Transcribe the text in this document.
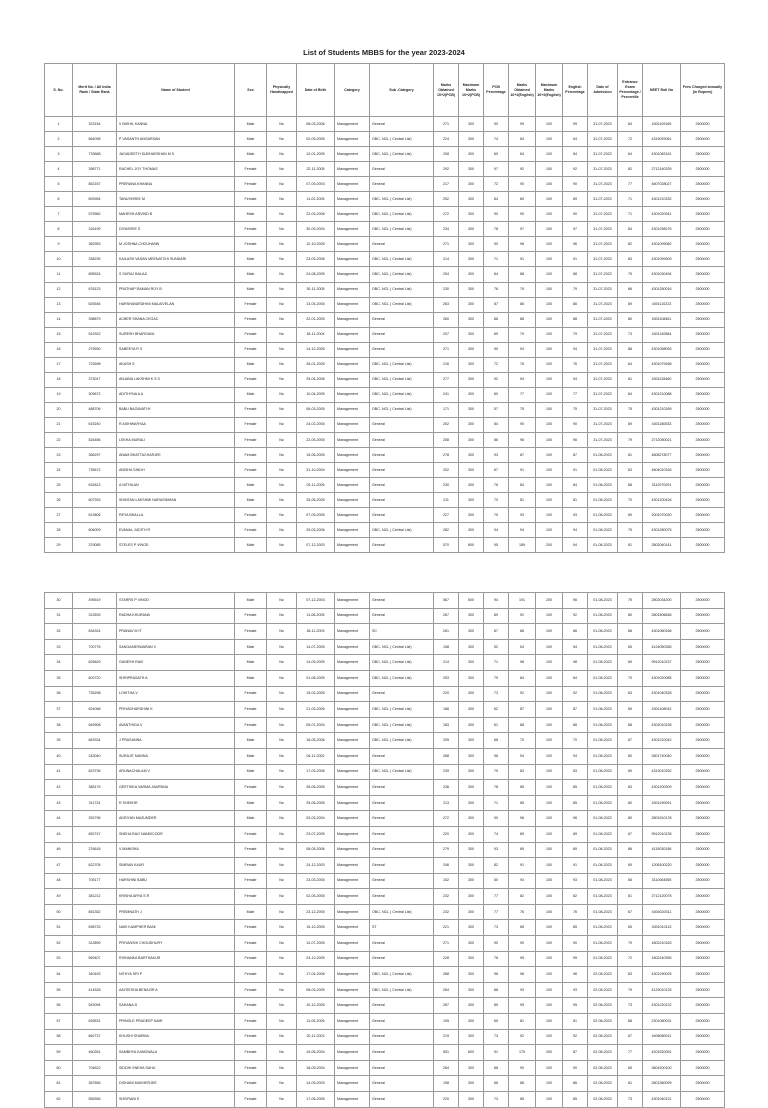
List of Students MBBS for the year 2023-2024
S. No.	Merit No. / All India Rank / State Rank	Name of Student	Sex	Physically Handicapped	Date of Birth	Category	Sub -Category	Marks Obtained 10+2(PCB)	Maximum Marks 10+2(PCB)	PCB Percentage	Marks Obtained 10+2(English)	Maximum Marks 10+2(English)	English Percentage	Date of Admission	Entrance Exam Percentage / Percentile	NEET Roll No	Fees Charged annually (In Rupees)
1	323154	V NIKHIL KANNA	Male	No	08-03-2006	Management	General	271	300	90	99	100	99	31-07-2023	84	4301109165	2500000
2	664098	P VASANTH ANGARSAN	Male	No	02-09-2005	Management	OBC- NCL ( Central List)	224	300	74	64	100	64	31-07-2023	72	4315093061	2500000
3	733668	JAGADEETH SUDHARSHAN M S	Male	No	12-01-2005	Management	OBC- NCL ( Central List)	208	300	69	84	100	84	31-07-2023	64	4301083161	2500000
4	398771	RACHEL JOY THOMAS	Female	No	22-11-2005	Management	General	292	300	97	92	100	92	31-07-2023	82	2712140339	2500000
5	852167	PRERANA KHANNA	Female	No	07-09-2003	Management	General	217	300	72	90	100	90	31-07-2023	77	4607028027	2500000
6	893954	TANUSHREE M	Female	No	11-02-2005	Management	OBC- NCL ( Central List)	252	300	84	89	100	89	31-07-2023	71	4301210332	2500000
7	579982	MAHESH ARVIND B	Male	No	22-03-2006	Management	OBC- NCL ( Central List)	272	300	90	90	100	90	31-07-2023	71	4301020941	2500000
8	316199	DIYASREE S	Female	No	30-09-2004	Management	OBC- NCL ( Central List)	234	300	78	97	100	97	31-07-2023	84	4301298276	2500000
9	362953	M JOSHNA CHOUHANN	Female	No	12-10-2005	Management	General	271	300	90	96	100	96	31-07-2023	82	4301099082	2500000
10	338235	KAILASH VASAN MEENATCHI SUNDARI	Male	No	23-03-2006	Management	OBC- NCL ( Central List)	214	300	71	91	100	91	31-07-2023	83	4301099309	2500000
11	895524	S SURAJ BALAJI	Male	No	24-08-2005	Management	OBC- NCL ( Central List)	254	300	84	88	100	88	31-07-2023	75	4301030494	2500000
12	676123	PRATHAP RAMAN ROY B	Male	No	30-11-2005	Management	OBC- NCL ( Central List)	230	300	76	79	100	79	31-07-2023	66	4301250016	2500000
13	625546	HARSHAVARDHINI MALAIVELAN	Female	No	13-04-2005	Management	OBC- NCL ( Central List)	263	300	87	86	100	86	31-07-2023	69	4301110223	2500000
14	398879	ACBER SHANA CEGAC	Female	No	22-01-2005	Management	General	260	300	86	88	100	88	31-07-2023	80	4301108461	2500000
15	512922	SURESH BHARGAVA	Female	No	18-11-2004	Management	General	207	300	69	79	100	79	31-07-2023	73	4301140584	2500000
16	279930	SABEEYA R S	Female	No	14-12-2005	Management	General	271	300	90	94	100	94	31-07-2023	86	4301058053	2500000
17	722698	AKASH S	Male	No	26-01-2005	Management	OBC- NCL ( Central List)	216	300	72	76	100	76	31-07-2023	64	4301079268	2500000
18	373017	ANJANA LAKSHMI K S S	Female	No	25-04-2006	Management	OBC- NCL ( Central List)	277	300	92	94	100	94	31-07-2023	81	4301128460	2500000
19	309672	ADITHYNA A A	Male	No	10-04-2005	Management	OBC- NCL ( Central List)	241	300	80	77	100	77	31-07-2023	84	4301210088	2500000
20	488706	BABU BAGAVATHY	Female	No	06-03-2005	Management	OBC- NCL ( Central List)	171	300	57	75	100	75	31-07-2023	75	4301210289	2500000
21	615240	R AISHWARYAA	Female	No	24-02-2005	Management	General	252	300	84	90	100	90	31-07-2023	69	4301180533	2500000
22	524486	LEKHA MURALI	Female	No	22-05-2005	Management	General	258	300	86	96	100	96	31-07-2023	79	2712050021	2500000
23	366297	ANAM BHATTACHARJEE	Female	No	15-06-2005	Management	General	278	300	93	87	100	87	01-08-2023	81	4608278077	2500000
24	735672	ANISHA SINGH	Female	No	31-10-2004	Management	General	202	300	67	91	100	91	01-08-2023	63	4604010326	2500000
25	632813	A NITHILAN	Male	No	03-11-2005	Management	General	230	300	76	84	100	84	01-08-2023	68	3112070291	2500000
26	607263	SHINTAN LAKSHMI NARASIMHAN	Male	No	25-06-2005	Management	General	211	300	70	81	100	81	01-08-2023	70	4301200426	2500000
27	613806	REYA BHALLA	Female	No	07-09-2005	Management	General	227	300	75	93	100	93	01-08-2023	69	2001070020	2500000
28	606009	EVANAL JUDITH R	Female	No	29-03-2006	Management	OBC- NCL ( Central List)	282	300	94	94	100	94	01-08-2023	75	4301280075	2500000
29	379085	STELES P VINOD	Male	No	07-12-2003	Management	General	570	600	95	189	200	94	01-08-2023	81	2802040141	2500000
30	495519	STARRS P VINOD	Male	No	07-12-2003	Management	General	567	600	94	191	200	96	01-08-2023	75	2802034200	2500000
31	313539	RADHA KHURANA	Female	No	11-08-2005	Management	General	267	300	89	92	100	92	01-08-2023	80	2801506646	2500000
32	634324	PRANAV M IT	Female	No	18-11-2003	Management	SC	261	300	87	86	100	86	01-08-2023	68	4301080166	2500000
33	700776	SANGAMESWARAN V	Male	No	14-07-2005	Management	OBC- NCL ( Central List)	158	300	52	54	100	54	01-08-2023	65	4124050355	2500000
34	625829	GANESH RAVI	Male	No	14-09-2005	Management	OBC- NCL ( Central List)	214	300	71	98	100	98	01-08-2023	69	9912010237	2500000
35	602720	SHRIPRASATH A	Male	No	01-08-2005	Management	OBC- NCL ( Central List)	253	300	79	84	100	84	01-08-2023	70	4301020085	2500000
36	735298	LOHITHA V	Female	No	15-02-2005	Management	General	220	300	73	92	100	92	01-08-2023	63	4301040328	2500000
37	624068	PRIYADHARSHINI K	Female	No	21-03-2006	Management	OBC- NCL ( Central List)	186	300	62	87	100	87	01-08-2023	69	4301108043	2500000
38	649908	AVANTHIGA V	Female	No	05-07-2004	Management	OBC- NCL ( Central List)	183	300	61	88	100	88	01-08-2023	68	4302010228	2500000
39	663334	J PRASANNA	Male	No	16-05-2006	Management	OBC- NCL ( Central List)	205	300	68	70	100	70	01-08-2023	67	4301210042	2500000
40	243040	SURAJIT MANNA	Male	No	04-11-2002	Management	General	288	300	96	94	100	94	01-08-2023	80	2801740040	2500000
41	623736	ARUNACHALAM V	Male	No	17-03-2006	Management	OBC- NCL ( Central List)	239	300	79	83	100	83	01-08-2023	69	4313010252	2500000
42	385175	GEETHIKA VARMA JAMPANA	Female	No	26-06-2005	Management	General	236	300	78	85	100	85	01-08-2023	83	4301200309	2500000
43	311724	R SHEKHR	Male	No	25-06-2005	Management	General	213	300	71	85	100	85	01-08-2023	80	4301190091	2500000
44	392796	ADRIYAN MAZUMDER	Male	No	03-03-2004	Management	General	272	300	90	96	100	96	01-08-2023	80	2801510178	2500000
45	652747	SNEHA RAO NANDICODR	Female	No	23-07-2005	Management	General	220	300	74	89	100	89	01-08-2023	67	9912010135	2500000
46	276618	V MANISHA	Female	No	08-05-2006	Management	General	279	300	93	89	100	89	01-08-2023	86	4115030156	2500000
47	622705	SIMRAN KAUR	Female	No	24-12-2003	Management	General	246	300	82	91	100	91	01-08-2023	69	1206100220	2500000
48	705177	HARSHINI BABU	Female	No	23-03-2005	Management	General	152	300	50	93	100	93	01-08-2023	65	3110064555	2500000
49	381212	KRISHA ARYA S R	Female	No	02-05-2005	Management	General	232	300	77	82	100	82	01-08-2023	81	2712120078	2500000
50	651352	PREMNATH J	Male	No	23-12-2005	Management	OBC- NCL ( Central List)	232	300	77	76	100	76	01-08-2023	67	4304020311	2500000
51	698733	NAKI KAMPHER BANI	Female	No	15-12-2005	Management	ST	221	300	73	85	100	85	01-08-2023	65	3301010113	2500000
52	313899	PRIYANSHI CHOUDHURY	Female	No	12-07-2005	Management	General	271	300	90	90	100	90	01-08-2023	79	1802210163	2500000
53	569407	RISHANKA BARTHAKUR	Female	No	24-12-2005	Management	General	228	300	76	95	100	95	01-08-2023	72	1802140355	2500000
54	340493	NITHYA SRI P	Female	No	17-04-2006	Management	OBC- NCL ( Central List)	288	300	96	96	100	96	02-08-2023	83	4301290025	2500000
55	414528	AAYSESHA BENAZIR A	Female	No	08-03-2005	Management	OBC- NCL ( Central List)	264	300	88	93	100	93	02-08-2023	79	4129010125	2500000
56	543094	SAHANA D	Female	No	10-12-2005	Management	General	267	300	89	95	100	95	02-08-2023	73	4301220122	2500000
57	639531	PRINGLE PRADEEP NAIR	Female	No	11-05-2005	Management	General	195	300	65	81	100	81	02-08-2023	68	2301080031	2500000
58	662737	KHUSHI SHARMA	Female	No	20-11-2003	Management	General	219	300	73	92	100	92	02-08-2023	67	4408080011	2500000
59	460261	SAMBHYA KANDWALA	Female	No	19-06-2004	Management	General	551	600	91	175	200	87	02-08-2023	77	4201520051	2500000
60	704622	SIDDHI SNEHA SAHU	Female	No	18-09-2004	Management	General	264	300	88	90	100	90	02-08-2023	65	3604200100	2500000
61	367856	DISHANI MUKHERJEE	Female	No	14-09-2003	Management	General	198	300	66	86	100	86	02-08-2023	81	2801360099	2500000
62	555356	SHIVRANI E	Female	No	17-06-2005	Management	General	220	300	73	85	100	85	02-08-2023	73	4301040121	2500000
